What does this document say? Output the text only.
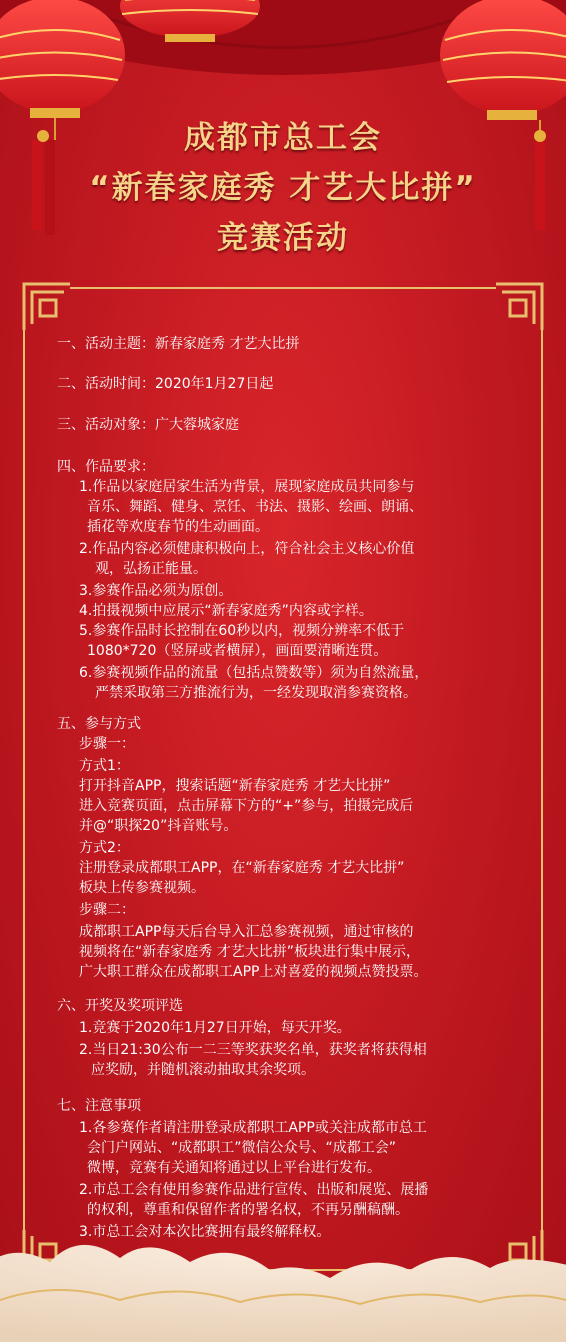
成都市总工会
“新春家庭秀 才艺大比拼”
竞赛活动
一、活动主题：新春家庭秀 才艺大比拼
二、活动时间：2020年1月27日起
三、活动对象：广大蓉城家庭
四、作品要求：
1.作品以家庭居家生活为背景，展现家庭成员共同参与
音乐、舞蹈、健身、烹饪、书法、摄影、绘画、朗诵、
插花等欢度春节的生动画面。
2.作品内容必须健康积极向上，符合社会主义核心价值
观，弘扬正能量。
3.参赛作品必须为原创。
4.拍摄视频中应展示“新春家庭秀”内容或字样。
5.参赛作品时长控制在60秒以内，视频分辨率不低于
1080*720（竖屏或者横屏），画面要清晰连贯。
6.参赛视频作品的流量（包括点赞数等）须为自然流量，
严禁采取第三方推流行为，一经发现取消参赛资格。
五、参与方式
步骤一：
方式1：
打开抖音APP，搜索话题“新春家庭秀 才艺大比拼”
进入竞赛页面，点击屏幕下方的“+”参与，拍摄完成后
并@“职探20”抖音账号。
方式2：
注册登录成都职工APP，在“新春家庭秀 才艺大比拼”
板块上传参赛视频。
步骤二：
成都职工APP每天后台导入汇总参赛视频，通过审核的
视频将在“新春家庭秀 才艺大比拼”板块进行集中展示，
广大职工群众在成都职工APP上对喜爱的视频点赞投票。
六、开奖及奖项评选
1.竞赛于2020年1月27日开始，每天开奖。
2.当日21:30公布一二三等奖获奖名单，获奖者将获得相
应奖励，并随机滚动抽取其余奖项。
七、注意事项
1.各参赛作者请注册登录成都职工APP或关注成都市总工
会门户网站、“成都职工”微信公众号、“成都工会”
微博，竞赛有关通知将通过以上平台进行发布。
2.市总工会有使用参赛作品进行宣传、出版和展览、展播
的权利，尊重和保留作者的署名权，不再另酬稿酬。
3.市总工会对本次比赛拥有最终解释权。
